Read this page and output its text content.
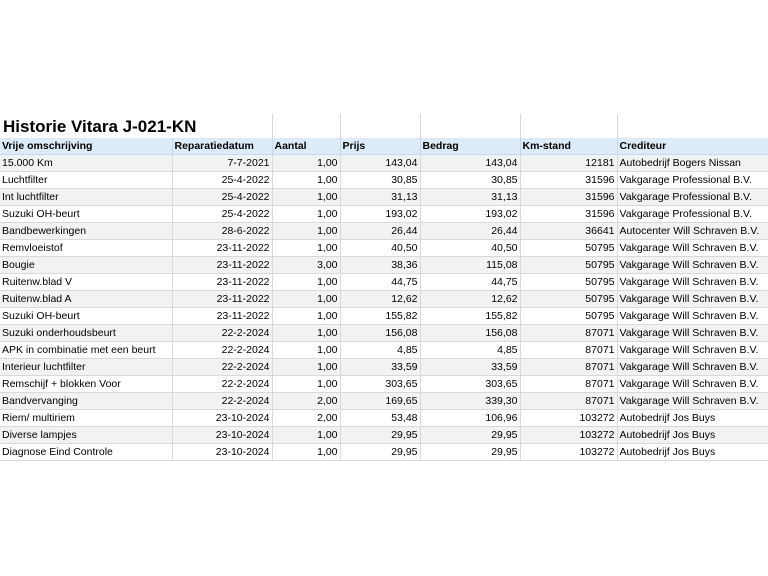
Historie Vitara J-021-KN
Vrije omschrijving	Reparatiedatum	Aantal	Prijs	Bedrag	Km-stand	Crediteur
15.000 Km	7-7-2021	1,00	143,04	143,04	12181	Autobedrijf Bogers Nissan
Luchtfilter	25-4-2022	1,00	30,85	30,85	31596	Vakgarage Professional B.V.
Int luchtfilter	25-4-2022	1,00	31,13	31,13	31596	Vakgarage Professional B.V.
Suzuki OH-beurt	25-4-2022	1,00	193,02	193,02	31596	Vakgarage Professional B.V.
Bandbewerkingen	28-6-2022	1,00	26,44	26,44	36641	Autocenter Will Schraven B.V.
Remvloeistof	23-11-2022	1,00	40,50	40,50	50795	Vakgarage Will Schraven B.V.
Bougie	23-11-2022	3,00	38,36	115,08	50795	Vakgarage Will Schraven B.V.
Ruitenw.blad V	23-11-2022	1,00	44,75	44,75	50795	Vakgarage Will Schraven B.V.
Ruitenw.blad A	23-11-2022	1,00	12,62	12,62	50795	Vakgarage Will Schraven B.V.
Suzuki OH-beurt	23-11-2022	1,00	155,82	155,82	50795	Vakgarage Will Schraven B.V.
Suzuki onderhoudsbeurt	22-2-2024	1,00	156,08	156,08	87071	Vakgarage Will Schraven B.V.
APK in combinatie met een beurt	22-2-2024	1,00	4,85	4,85	87071	Vakgarage Will Schraven B.V.
Interieur luchtfilter	22-2-2024	1,00	33,59	33,59	87071	Vakgarage Will Schraven B.V.
Remschijf + blokken Voor	22-2-2024	1,00	303,65	303,65	87071	Vakgarage Will Schraven B.V.
Bandvervanging	22-2-2024	2,00	169,65	339,30	87071	Vakgarage Will Schraven B.V.
Riem/ multiriem	23-10-2024	2,00	53,48	106,96	103272	Autobedrijf Jos Buys
Diverse lampjes	23-10-2024	1,00	29,95	29,95	103272	Autobedrijf Jos Buys
Diagnose Eind Controle	23-10-2024	1,00	29,95	29,95	103272	Autobedrijf Jos Buys
